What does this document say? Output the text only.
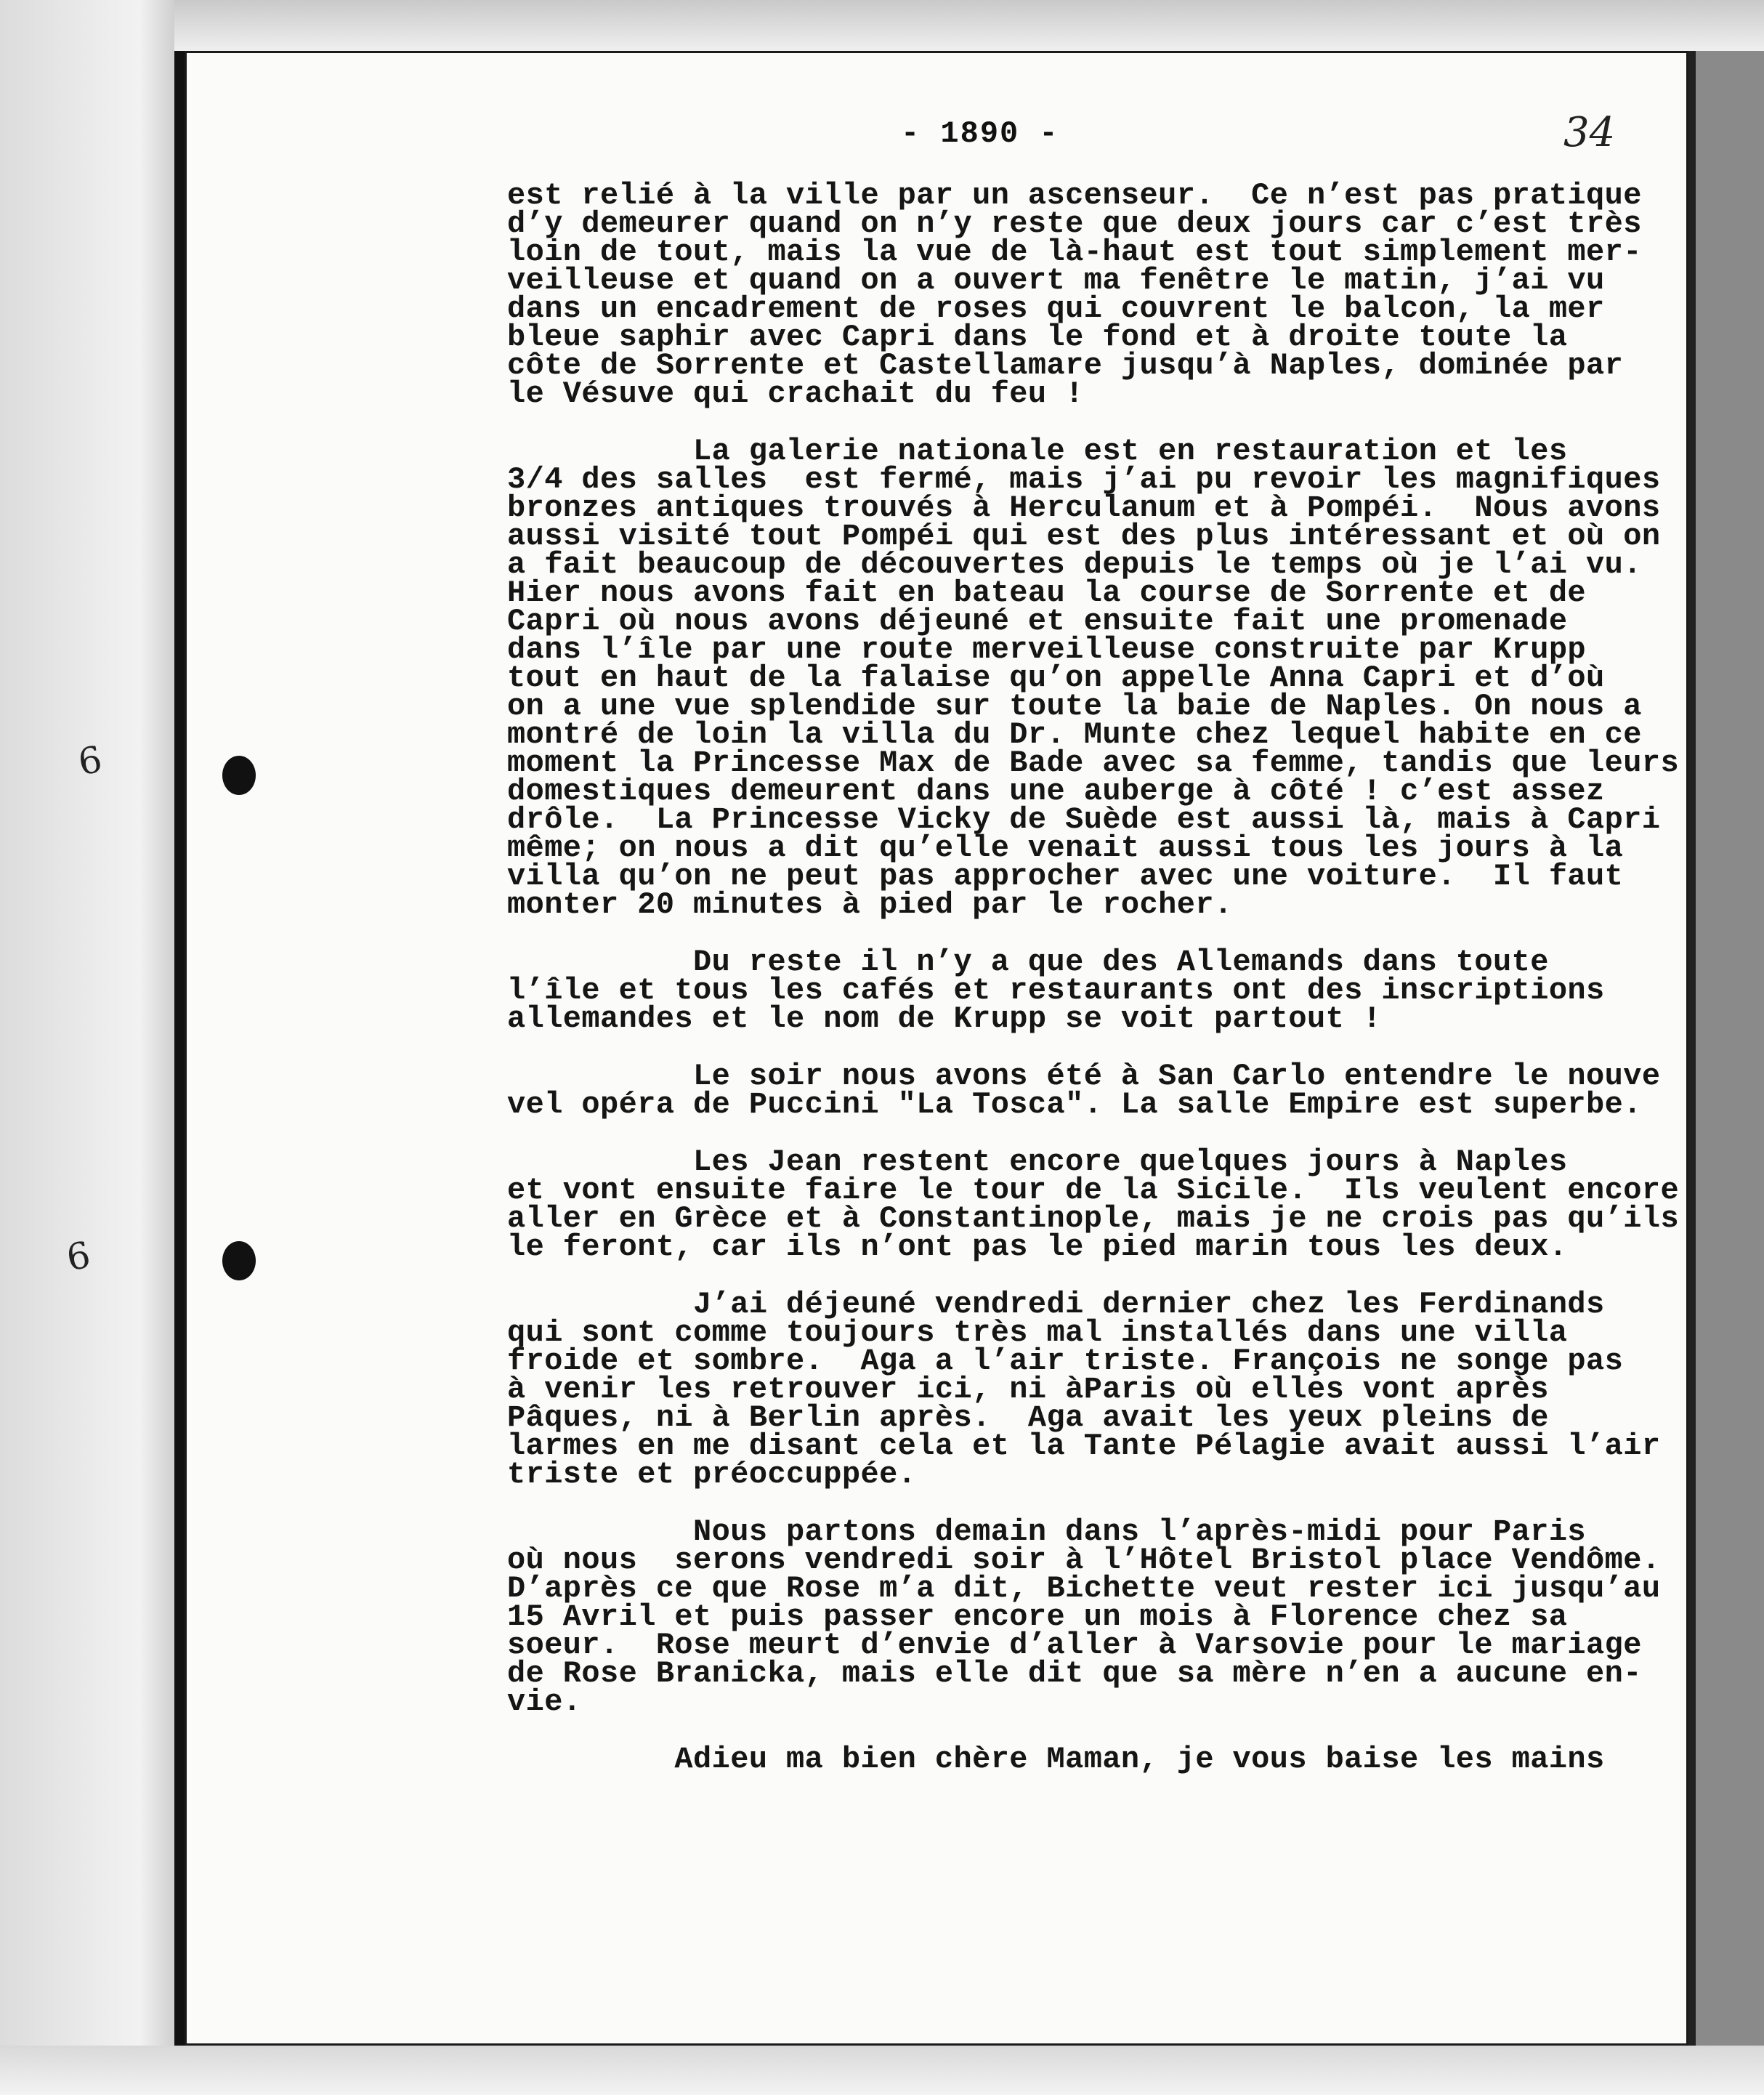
6
6
- 1890 -	34
est relié à la ville par un ascenseur.  Ce n’est pas pratique
d’y demeurer quand on n’y reste que deux jours car c’est très
loin de tout, mais la vue de là-haut est tout simplement mer-
veilleuse et quand on a ouvert ma fenêtre le matin, j’ai vu
dans un encadrement de roses qui couvrent le balcon, la mer
bleue saphir avec Capri dans le fond et à droite toute la
côte de Sorrente et Castellamare jusqu’à Naples, dominée par
le Vésuve qui crachait du feu !
La galerie nationale est en restauration et les
3/4 des salles  est fermé, mais j’ai pu revoir les magnifiques
bronzes antiques trouvés à Herculanum et à Pompéi.  Nous avons
aussi visité tout Pompéi qui est des plus intéressant et où on
a fait beaucoup de découvertes depuis le temps où je l’ai vu.
Hier nous avons fait en bateau la course de Sorrente et de
Capri où nous avons déjeuné et ensuite fait une promenade
dans l’île par une route merveilleuse construite par Krupp
tout en haut de la falaise qu’on appelle Anna Capri et d’où
on a une vue splendide sur toute la baie de Naples. On nous a
montré de loin la villa du Dr. Munte chez lequel habite en ce
moment la Princesse Max de Bade avec sa femme, tandis que leurs
domestiques demeurent dans une auberge à côté ! c’est assez
drôle.  La Princesse Vicky de Suède est aussi là, mais à Capri
même; on nous a dit qu’elle venait aussi tous les jours à la
villa qu’on ne peut pas approcher avec une voiture.  Il faut
monter 20 minutes à pied par le rocher.
Du reste il n’y a que des Allemands dans toute
l’île et tous les cafés et restaurants ont des inscriptions
allemandes et le nom de Krupp se voit partout !
Le soir nous avons été à San Carlo entendre le nouve
vel opéra de Puccini "La Tosca". La salle Empire est superbe.
Les Jean restent encore quelques jours à Naples
et vont ensuite faire le tour de la Sicile.  Ils veulent encore
aller en Grèce et à Constantinople, mais je ne crois pas qu’ils
le feront, car ils n’ont pas le pied marin tous les deux.
J’ai déjeuné vendredi dernier chez les Ferdinands
qui sont comme toujours très mal installés dans une villa
froide et sombre.  Aga a l’air triste. François ne songe pas
à venir les retrouver ici, ni àParis où elles vont après
Pâques, ni à Berlin après.  Aga avait les yeux pleins de
larmes en me disant cela et la Tante Pélagie avait aussi l’air
triste et préoccuppée.
Nous partons demain dans l’après-midi pour Paris
où nous  serons vendredi soir à l’Hôtel Bristol place Vendôme.
D’après ce que Rose m’a dit, Bichette veut rester ici jusqu’au
15 Avril et puis passer encore un mois à Florence chez sa
soeur.  Rose meurt d’envie d’aller à Varsovie pour le mariage
de Rose Branicka, mais elle dit que sa mère n’en a aucune en-
vie.
Adieu ma bien chère Maman, je vous baise les mains
